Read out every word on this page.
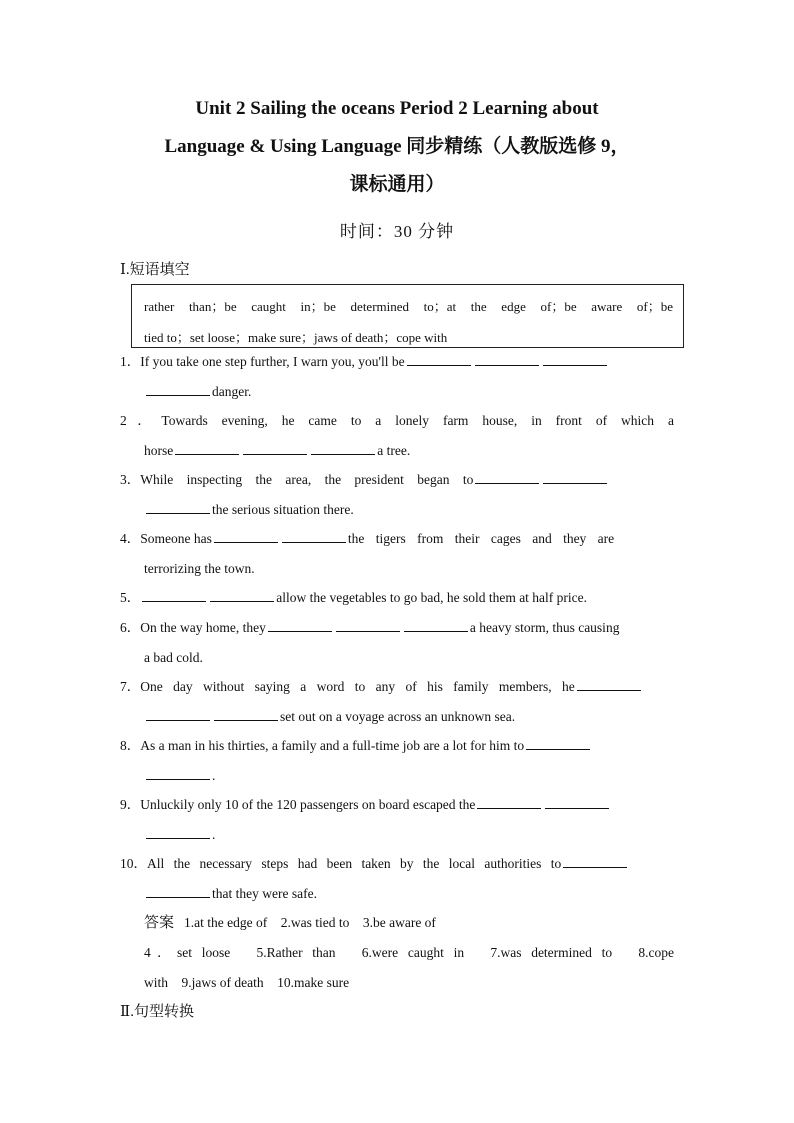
Unit 2 Sailing the oceans Period 2 Learning about
Language & Using Language 同步精练（人教版选修 9，
课标通用）
时间：30 分钟
Ⅰ.短语填空
rather than；be caught in；be determined to；at the edge of；be aware of；be
tied to；set loose；make sure；jaws of death；cope with
1．If you take one step further, I warn you, you'll be
danger.
2．Towards evening, he came to a lonely farm house, in front of which a
horse	a tree.
3．While inspecting the area, the president began to
the serious situation there.
4．Someone has	the tigers from their cages and they are
terrorizing the town.
5．	allow the vegetables to go bad, he sold them at half price.
6．On the way home, they	a heavy storm, thus causing
a bad cold.
7．One day without saying a word to any of his family members, he
set out on a voyage across an unknown sea.
8．As a man in his thirties, a family and a full-time job are a lot for him to
.
9．Unluckily only 10 of the 120 passengers on board escaped the
.
10．All the necessary steps had been taken by the local authorities to
that they were safe.
答案 1.at the edge of　2.was tied to　3.be aware of
4．set loose　5.Rather than　6.were caught in　7.was determined to　8.cope
with　9.jaws of death　10.make sure
Ⅱ.句型转换
